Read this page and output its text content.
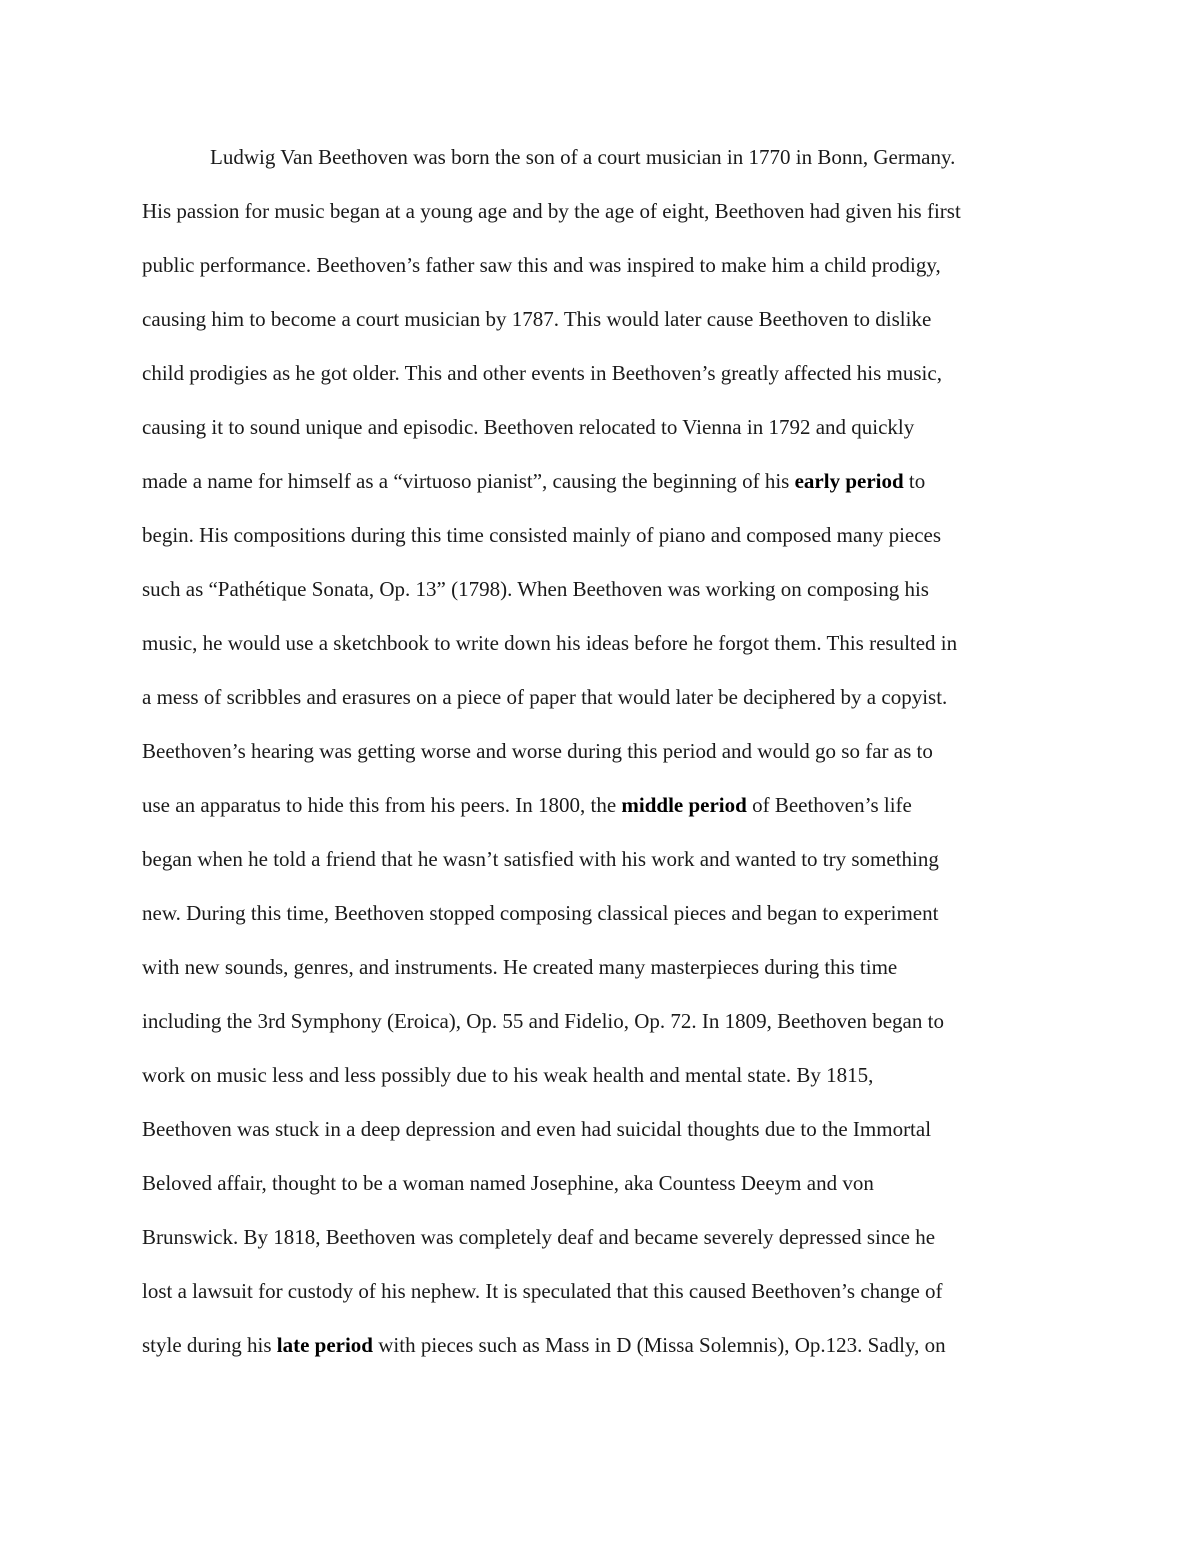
Ludwig Van Beethoven was born the son of a court musician in 1770 in Bonn, Germany.
His passion for music began at a young age and by the age of eight, Beethoven had given his first
public performance. Beethoven’s father saw this and was inspired to make him a child prodigy,
causing him to become a court musician by 1787. This would later cause Beethoven to dislike
child prodigies as he got older. This and other events in Beethoven’s greatly affected his music,
causing it to sound unique and episodic. Beethoven relocated to Vienna in 1792 and quickly
made a name for himself as a “virtuoso pianist”, causing the beginning of his early period to
begin. His compositions during this time consisted mainly of piano and composed many pieces
such as “Pathétique Sonata, Op. 13” (1798). When Beethoven was working on composing his
music, he would use a sketchbook to write down his ideas before he forgot them. This resulted in
a mess of scribbles and erasures on a piece of paper that would later be deciphered by a copyist.
Beethoven’s hearing was getting worse and worse during this period and would go so far as to
use an apparatus to hide this from his peers. In 1800, the middle period of Beethoven’s life
began when he told a friend that he wasn’t satisfied with his work and wanted to try something
new. During this time, Beethoven stopped composing classical pieces and began to experiment
with new sounds, genres, and instruments. He created many masterpieces during this time
including the 3rd Symphony (Eroica), Op. 55 and Fidelio, Op. 72. In 1809, Beethoven began to
work on music less and less possibly due to his weak health and mental state. By 1815,
Beethoven was stuck in a deep depression and even had suicidal thoughts due to the Immortal
Beloved affair, thought to be a woman named Josephine, aka Countess Deeym and von
Brunswick. By 1818, Beethoven was completely deaf and became severely depressed since he
lost a lawsuit for custody of his nephew. It is speculated that this caused Beethoven’s change of
style during his late period with pieces such as Mass in D (Missa Solemnis), Op.123. Sadly, on
